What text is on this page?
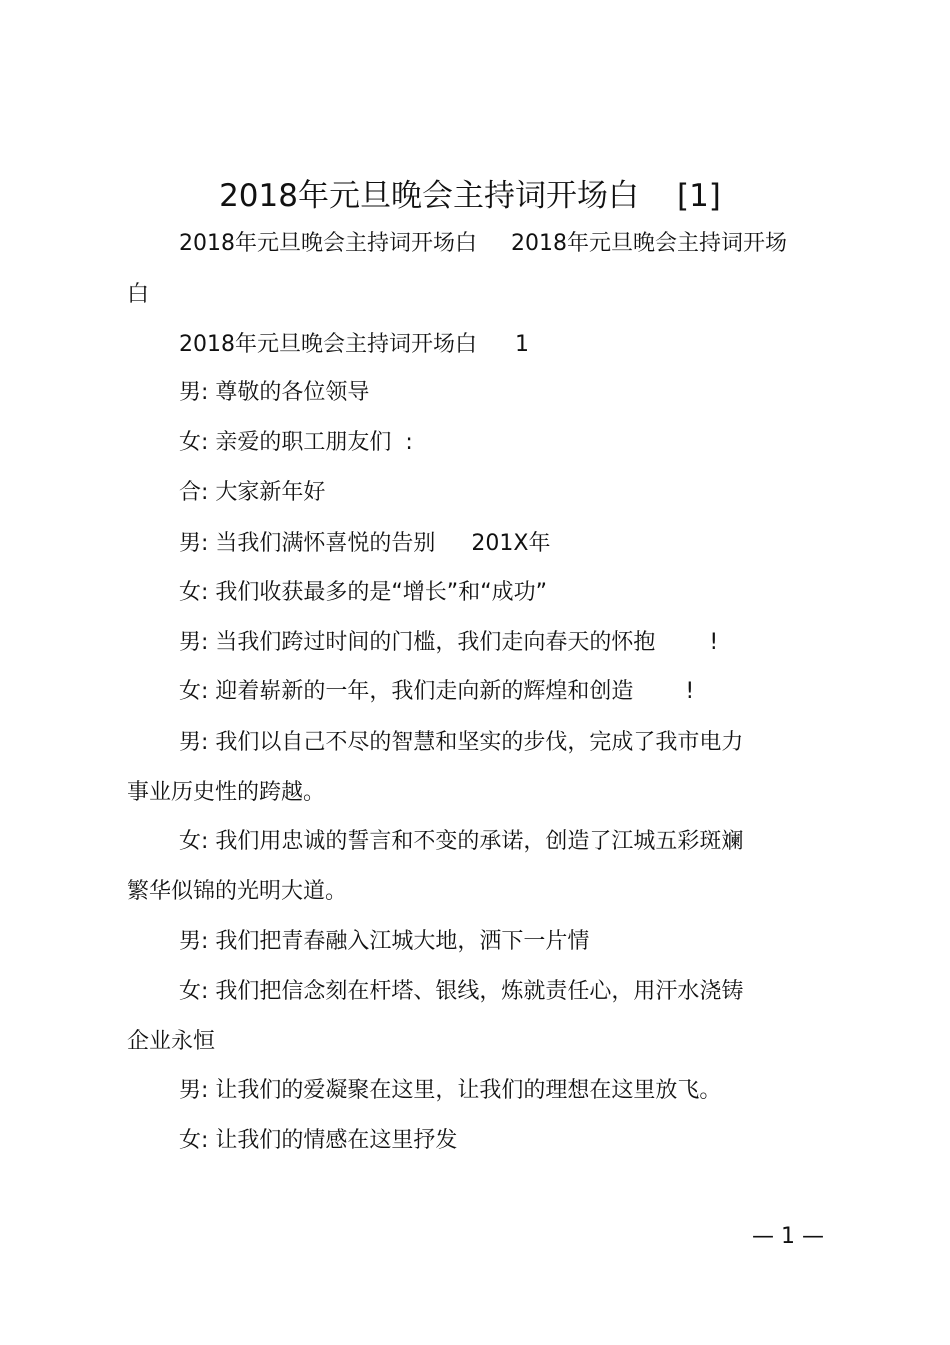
2018年元旦晚会主持词开场白 [1]
2018年元旦晚会主持词开场白 2018年元旦晚会主持词开场
白
2018年元旦晚会主持词开场白 1
男: 尊敬的各位领导
女: 亲爱的职工朋友们 :
合: 大家新年好
男: 当我们满怀喜悦的告别 201X年
女: 我们收获最多的是“增长”和“成功”
男: 当我们跨过时间的门槛，我们走向春天的怀抱 !
女: 迎着崭新的一年，我们走向新的辉煌和创造 !
男: 我们以自己不尽的智慧和坚实的步伐，完成了我市电力
事业历史性的跨越。
女: 我们用忠诚的誓言和不变的承诺，创造了江城五彩斑斓
繁华似锦的光明大道。
男: 我们把青春融入江城大地，洒下一片情
女: 我们把信念刻在杆塔、银线，炼就责任心，用汗水浇铸
企业永恒
男: 让我们的爱凝聚在这里，让我们的理想在这里放飞。
女: 让我们的情感在这里抒发
— 1 —
